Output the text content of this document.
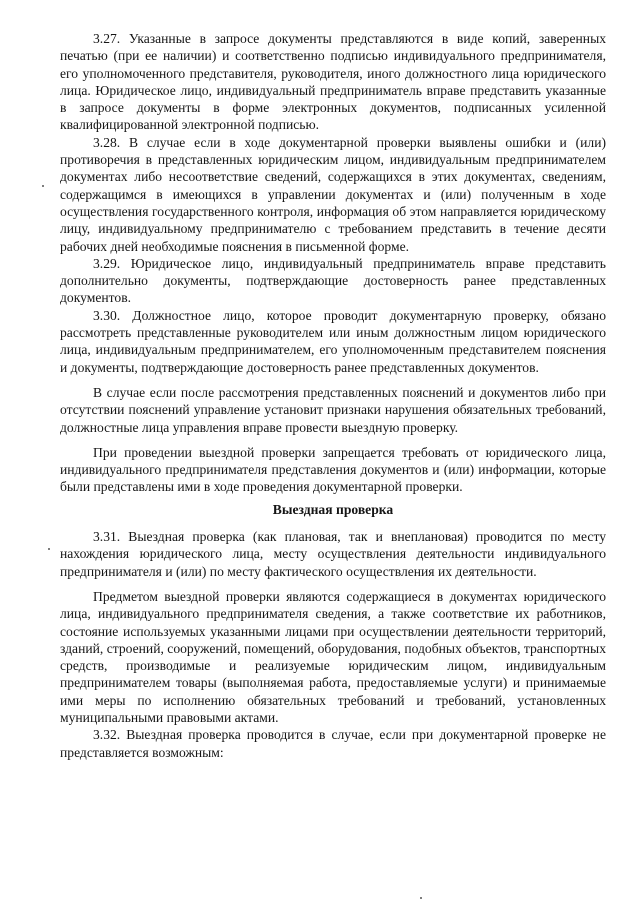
3.27. Указанные в запросе документы представляются в виде копий, заверенных печатью (при ее наличии) и соответственно подписью индивидуального предпринимателя, его уполномоченного представителя, руководителя, иного должностного лица юридического лица. Юридическое лицо, индивидуальный предприниматель вправе представить указанные в запросе документы в форме электронных документов, подписанных усиленной квалифицированной электронной подписью.

3.28. В случае если в ходе документарной проверки выявлены ошибки и (или) противоречия в представленных юридическим лицом, индивидуальным предпринимателем документах либо несоответствие сведений, содержащихся в этих документах, сведениям, содержащимся в имеющихся в управлении документах и (или) полученным в ходе осуществления государственного контроля, информация об этом направляется юридическому лицу, индивидуальному предпринимателю с требованием представить в течение десяти рабочих дней необходимые пояснения в письменной форме.

3.29. Юридическое лицо, индивидуальный предприниматель вправе представить дополнительно документы, подтверждающие достоверность ранее представленных документов.

3.30. Должностное лицо, которое проводит документарную проверку, обязано рассмотреть представленные руководителем или иным должностным лицом юридического лица, индивидуальным предпринимателем, его уполномоченным представителем пояснения и документы, подтверждающие достоверность ранее представленных документов.

В случае если после рассмотрения представленных пояснений и документов либо при отсутствии пояснений управление установит признаки нарушения обязательных требований, должностные лица управления вправе провести выездную проверку.

При проведении выездной проверки запрещается требовать от юридического лица, индивидуального предпринимателя представления документов и (или) информации, которые были представлены ими в ходе проведения документарной проверки.

Выездная проверка

3.31. Выездная проверка (как плановая, так и внеплановая) проводится по месту нахождения юридического лица, месту осуществления деятельности индивидуального предпринимателя и (или) по месту фактического осуществления их деятельности.

Предметом выездной проверки являются содержащиеся в документах юридического лица, индивидуального предпринимателя сведения, а также соответствие их работников, состояние используемых указанными лицами при осуществлении деятельности территорий, зданий, строений, сооружений, помещений, оборудования, подобных объектов, транспортных средств, производимые и реализуемые юридическим лицом, индивидуальным предпринимателем товары (выполняемая работа, предоставляемые услуги) и принимаемые ими меры по исполнению обязательных требований и требований, установленных муниципальными правовыми актами.

3.32. Выездная проверка проводится в случае, если при документарной проверке не представляется возможным:
